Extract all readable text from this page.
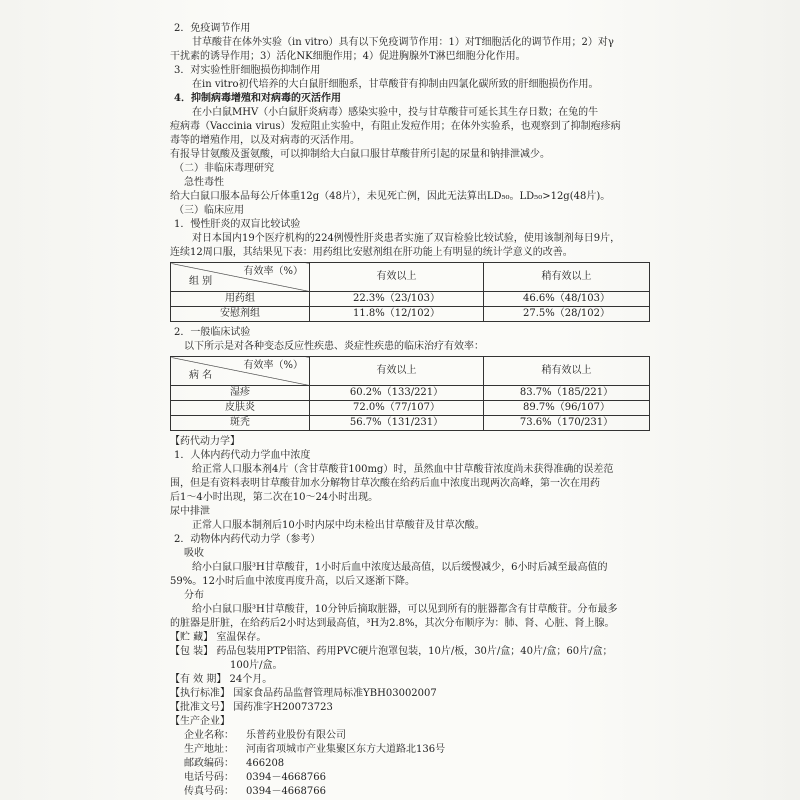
2．免疫调节作用
甘草酸苷在体外实验（in vitro）具有以下免疫调节作用：1）对T细胞活化的调节作用；2）对γ
干扰素的诱导作用；3）活化NK细胞作用；4）促进胸腺外T淋巴细胞分化作用。
3．对实验性肝细胞损伤抑制作用
在in vitro初代培养的大白鼠肝细胞系，甘草酸苷有抑制由四氯化碳所致的肝细胞损伤作用。
4．抑制病毒增殖和对病毒的灭活作用
在小白鼠MHV（小白鼠肝炎病毒）感染实验中，投与甘草酸苷可延长其生存日数；在兔的牛
痘病毒（Vaccinia virus）发痘阻止实验中，有阻止发痘作用；在体外实验系，也观察到了抑制疱疹病
毒等的增殖作用，以及对病毒的灭活作用。
有报导甘氨酸及蛋氨酸，可以抑制给大白鼠口服甘草酸苷所引起的尿量和钠排泄减少。
（二）非临床毒理研究
急性毒性
给大白鼠口服本品每公斤体重12g（48片），未见死亡例，因此无法算出LD₅₀。LD₅₀>12g(48片)。
（三）临床应用
1．慢性肝炎的双盲比较试验
对日本国内19个医疗机构的224例慢性肝炎患者实施了双盲检验比较试验，使用该制剂每日9片，
连续12周口服，其结果见下表：用药组比安慰剂组在肝功能上有明显的统计学意义的改善。
有效率（%）
组 别	有效以上	稍有效以上
用药组	22.3%（23/103）	46.6%（48/103）
安慰剂组	11.8%（12/102）	27.5%（28/102）
2．一般临床试验
以下所示是对各种变态反应性疾患、炎症性疾患的临床治疗有效率：
有效率（%）
病 名	有效以上	稍有效以上
湿疹	60.2%（133/221）	83.7%（185/221）
皮肤炎	72.0%（77/107）	89.7%（96/107）
斑秃	56.7%（131/231）	73.6%（170/231）
【药代动力学】
1．人体内药代动力学血中浓度
给正常人口服本剂4片（含甘草酸苷100mg）时，虽然血中甘草酸苷浓度尚未获得准确的误差范
围，但是有资料表明甘草酸苷加水分解物甘草次酸在给药后血中浓度出现两次高峰，第一次在用药
后1～4小时出现，第二次在10～24小时出现。
尿中排泄
正常人口服本制剂后10小时内尿中均未检出甘草酸苷及甘草次酸。
2．动物体内药代动力学（参考）
吸收
给小白鼠口服³H甘草酸苷，1小时后血中浓度达最高值，以后缓慢减少，6小时后减至最高值的
59%。12小时后血中浓度再度升高，以后又逐渐下降。
分布
给小白鼠口服³H甘草酸苷，10分钟后摘取脏器，可以见到所有的脏器都含有甘草酸苷。分布最多
的脏器是肝脏，在给药后2小时达到最高值，³H为2.8%，其次分布顺序为：肺、肾、心脏、肾上腺。
【贮 藏】 室温保存。
【包 装】 药品包装用PTP铝箔、药用PVC硬片泡罩包装，10片/板，30片/盒；40片/盒；60片/盒；
100片/盒。
【有 效 期】 24个月。
【执行标准】 国家食品药品监督管理局标准YBH03002007
【批准文号】 国药准字H20073723
【生产企业】
企业名称：	乐普药业股份有限公司
生产地址：	河南省项城市产业集聚区东方大道路北136号
邮政编码：	466208
电话号码：	0394－4668766
传真号码：	0394－4668766
